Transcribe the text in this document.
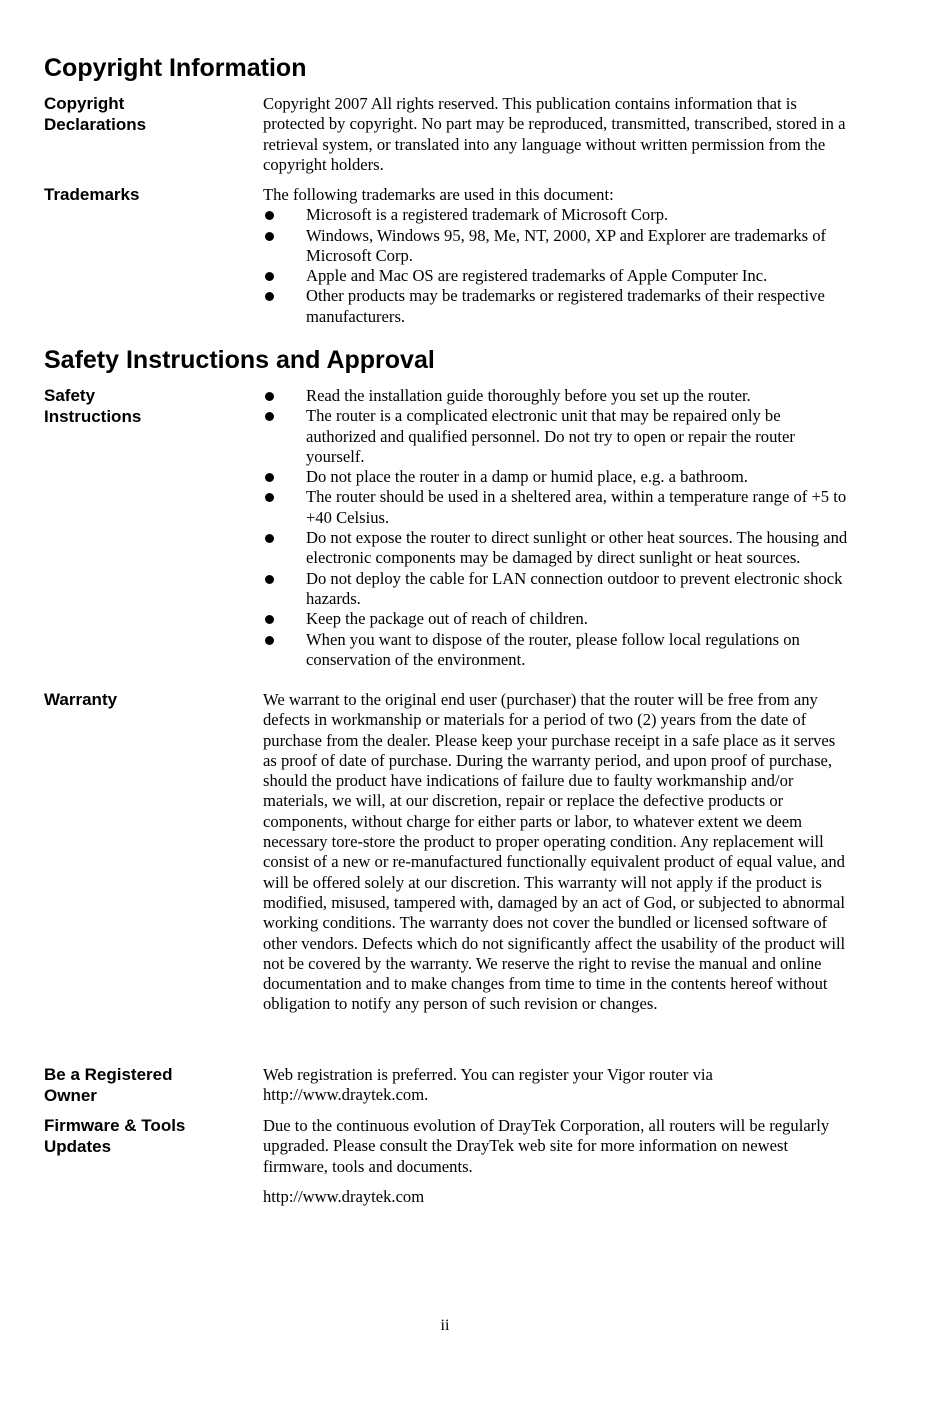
Copyright Information
Copyright Declarations

Copyright 2007 All rights reserved. This publication contains information that is protected by copyright. No part may be reproduced, transmitted, transcribed, stored in a retrieval system, or translated into any language without written permission from the copyright holders.

Trademarks	The following trademarks are used in this document:

Microsoft is a registered trademark of Microsoft Corp.
Windows, Windows 95, 98, Me, NT, 2000, XP and Explorer are trademarks of Microsoft Corp.
Apple and Mac OS are registered trademarks of Apple Computer Inc.
Other products may be trademarks or registered trademarks of their respective manufacturers.
Safety Instructions and Approval
Safety Instructions
Read the installation guide thoroughly before you set up the router.
The router is a complicated electronic unit that may be repaired only be authorized and qualified personnel. Do not try to open or repair the router yourself.
Do not place the router in a damp or humid place, e.g. a bathroom.
The router should be used in a sheltered area, within a temperature range of +5 to +40 Celsius.
Do not expose the router to direct sunlight or other heat sources. The housing and electronic components may be damaged by direct sunlight or heat sources.
Do not deploy the cable for LAN connection outdoor to prevent electronic shock hazards.
Keep the package out of reach of children.
When you want to dispose of the router, please follow local regulations on conservation of the environment.
Warranty	We warrant to the original end user (purchaser) that the router will be free from any defects in workmanship or materials for a period of two (2) years from the date of purchase from the dealer. Please keep your purchase receipt in a safe place as it serves as proof of date of purchase. During the warranty period, and upon proof of purchase, should the product have indications of failure due to faulty workmanship and/or materials, we will, at our discretion, repair or replace the defective products or components, without charge for either parts or labor, to whatever extent we deem necessary tore-store the product to proper operating condition. Any replacement will consist of a new or re-manufactured functionally equivalent product of equal value, and will be offered solely at our discretion. This warranty will not apply if the product is modified, misused, tampered with, damaged by an act of God, or subjected to abnormal working conditions. The warranty does not cover the bundled or licensed software of other vendors. Defects which do not significantly affect the usability of the product will not be covered by the warranty. We reserve the right to revise the manual and online documentation and to make changes from time to time in the contents hereof without obligation to notify any person of such revision or changes.

Be a Registered Owner

Web registration is preferred. You can register your Vigor router via http://www.draytek.com.

Firmware & Tools Updates

Due to the continuous evolution of DrayTek Corporation, all routers will be regularly upgraded. Please consult the DrayTek web site for more information on newest firmware, tools and documents.

http://www.draytek.com

ii
